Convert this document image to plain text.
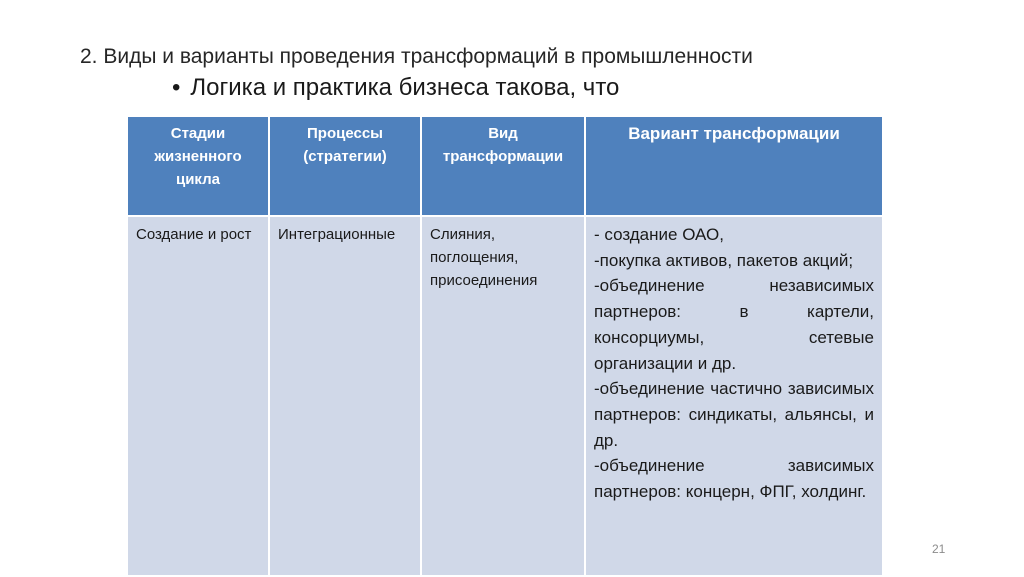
2. Виды и варианты проведения трансформаций в промышленности
• Логика и практика бизнеса такова, что
Стадии жизненного цикла	Процессы (стратегии)	Вид трансформации	Вариант трансформации
Создание и рост	Интеграционные	Слияния, поглощения, присоединения	- создание ОАО,
-покупка активов, пакетов акций;
-объединение независимых партнеров: в картели, консорциумы, сетевые организации и др.
-объединение частично зависимых партнеров: синдикаты, альянсы, и др.
-объединение зависимых партнеров: концерн, ФПГ, холдинг.
21
